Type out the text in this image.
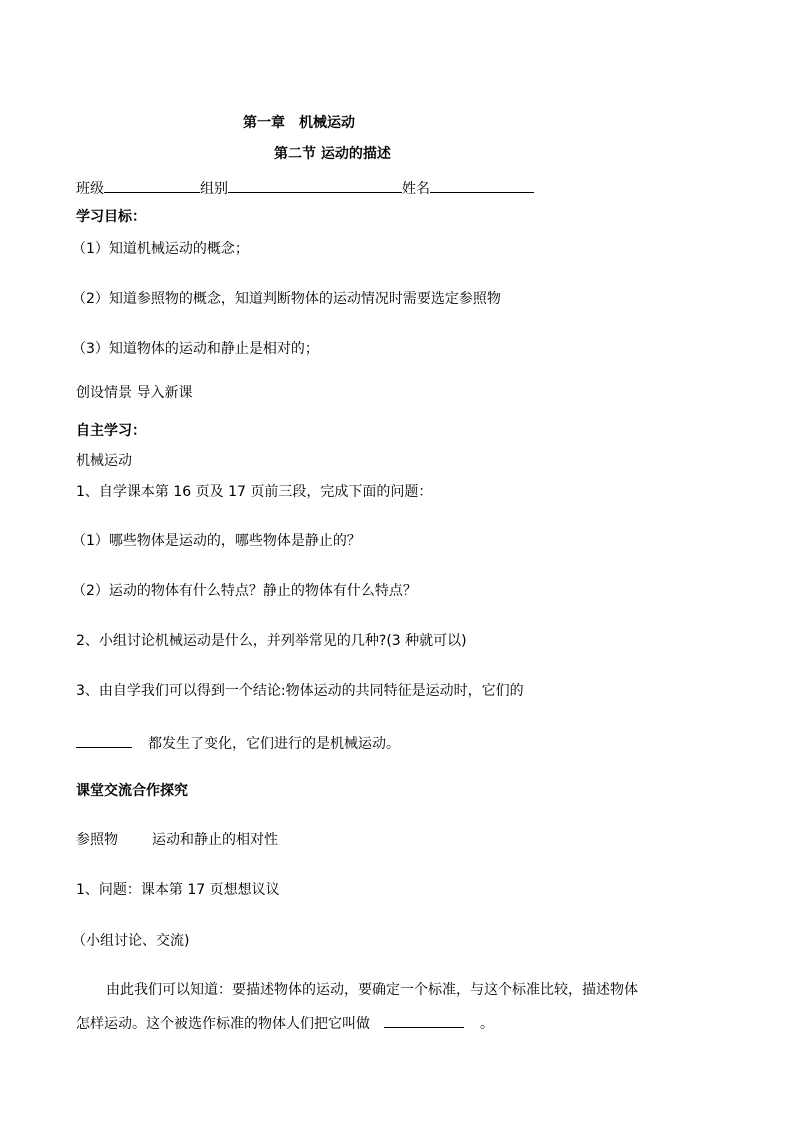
第一章　机械运动
第二节 运动的描述
班级	组别	姓名
学习目标：
（1）知道机械运动的概念；
（2）知道参照物的概念，知道判断物体的运动情况时需要选定参照物
（3）知道物体的运动和静止是相对的；
创设情景 导入新课
自主学习：
机械运动
1、自学课本第 16 页及 17 页前三段，完成下面的问题：
（1）哪些物体是运动的，哪些物体是静止的？
（2）运动的物体有什么特点？静止的物体有什么特点？
2、小组讨论机械运动是什么，并列举常见的几种?(3 种就可以)
3、由自学我们可以得到一个结论:物体运动的共同特征是运动时，它们的
都发生了变化，它们进行的是机械运动。
课堂交流合作探究
参照物 运动和静止的相对性
1、问题：课本第 17 页想想议议
（小组讨论、交流)
由此我们可以知道：要描述物体的运动，要确定一个标准，与这个标准比较，描述物体
怎样运动。这个被选作标准的物体人们把它叫做	。
